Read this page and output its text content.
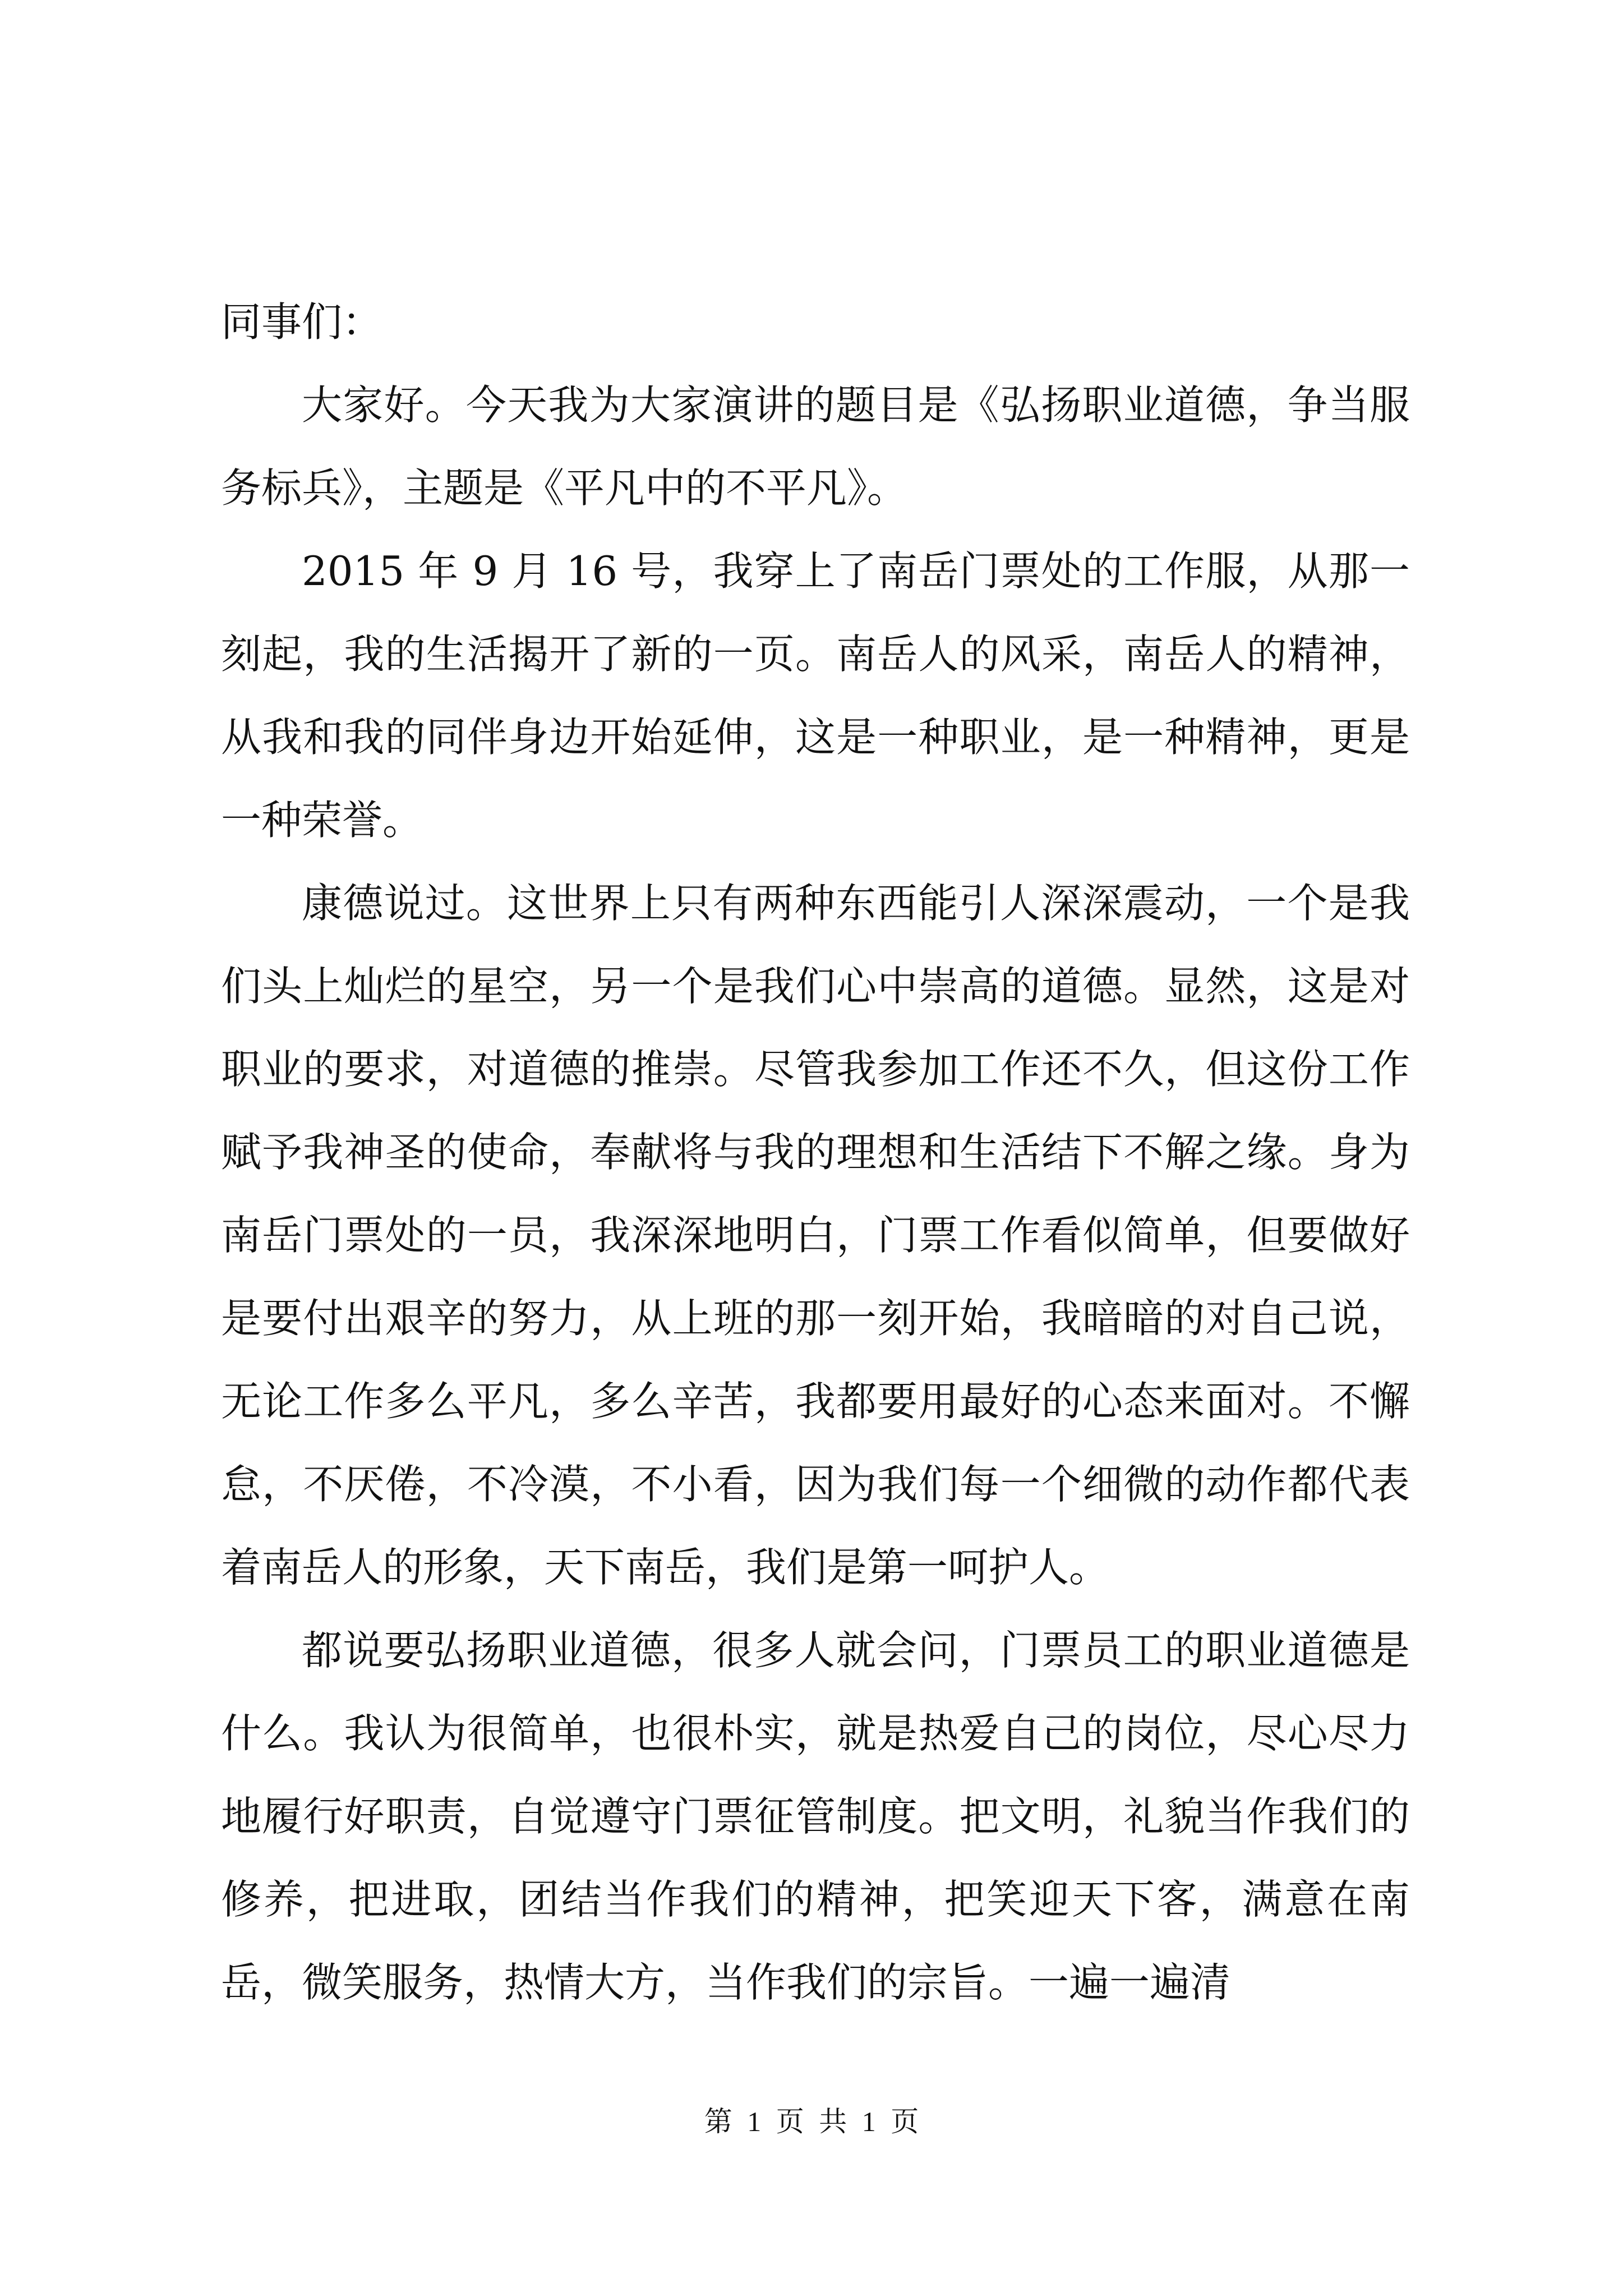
同事们：

大家好。今天我为大家演讲的题目是《弘扬职业道德，争当服务标兵》，主题是《平凡中的不平凡》。

2015 年 9 月 16 号，我穿上了南岳门票处的工作服，从那一刻起，我的生活揭开了新的一页。南岳人的风采，南岳人的精神，从我和我的同伴身边开始延伸，这是一种职业，是一种精神，更是一种荣誉。

康德说过。这世界上只有两种东西能引人深深震动，一个是我们头上灿烂的星空，另一个是我们心中崇高的道德。显然，这是对职业的要求，对道德的推崇。尽管我参加工作还不久，但这份工作赋予我神圣的使命，奉献将与我的理想和生活结下不解之缘。身为南岳门票处的一员，我深深地明白，门票工作看似简单，但要做好是要付出艰辛的努力，从上班的那一刻开始，我暗暗的对自己说，无论工作多么平凡，多么辛苦，我都要用最好的心态来面对。不懈怠，不厌倦，不冷漠，不小看，因为我们每一个细微的动作都代表着南岳人的形象，天下南岳，我们是第一呵护人。

都说要弘扬职业道德，很多人就会问，门票员工的职业道德是什么。我认为很简单，也很朴实，就是热爱自己的岗位，尽心尽力地履行好职责，自觉遵守门票征管制度。把文明，礼貌当作我们的修养，把进取，团结当作我们的精神，把笑迎天下客，满意在南岳，微笑服务，热情大方，当作我们的宗旨。一遍一遍清

第 1 页 共 1 页
